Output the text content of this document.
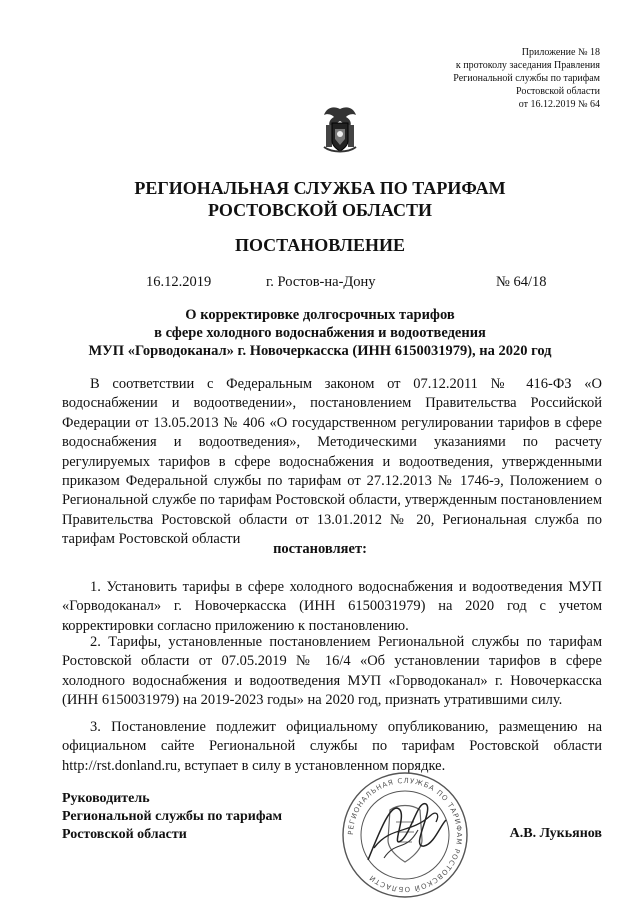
Приложение № 18
к протоколу заседания Правления
Региональной службы по тарифам
Ростовской области
от 16.12.2019 № 64
РЕГИОНАЛЬНАЯ СЛУЖБА ПО ТАРИФАМ
РОСТОВСКОЙ ОБЛАСТИ
ПОСТАНОВЛЕНИЕ
16.12.2019	г. Ростов-на-Дону	№ 64/18
О корректировке долгосрочных тарифов
в сфере холодного водоснабжения и водоотведения
МУП «Горводоканал» г. Новочеркасска (ИНН 6150031979), на 2020 год
В соответствии с Федеральным законом от 07.12.2011 № 416-ФЗ «О водоснабжении и водоотведении», постановлением Правительства Российской Федерации от 13.05.2013 № 406 «О государственном регулировании тарифов в сфере водоснабжения и водоотведения», Методическими указаниями по расчету регулируемых тарифов в сфере водоснабжения и водоотведения, утвержденными приказом Федеральной службы по тарифам от 27.12.2013 № 1746-э, Положением о Региональной службе по тарифам Ростовской области, утвержденным постановлением Правительства Ростовской области от 13.01.2012 № 20, Региональная служба по тарифам Ростовской области
постановляет:
1. Установить тарифы в сфере холодного водоснабжения и водоотведения МУП «Горводоканал» г. Новочеркасска (ИНН 6150031979) на 2020 год с учетом корректировки согласно приложению к постановлению.
2. Тарифы, установленные постановлением Региональной службы по тарифам Ростовской области от 07.05.2019 № 16/4 «Об установлении тарифов в сфере холодного водоснабжения и водоотведения МУП «Горводоканал» г. Новочеркасска (ИНН 6150031979) на 2019-2023 годы» на 2020 год, признать утратившими силу.
3. Постановление подлежит официальному опубликованию, размещению на официальном сайте Региональной службы по тарифам Ростовской области http://rst.donland.ru, вступает в силу в установленном порядке.
Руководитель
Региональной службы по тарифам
Ростовской области	РЕГИОНАЛЬНАЯ СЛУЖБА ПО ТАРИФАМ РОСТОВСКОЙ ОБЛАСТИ
А.В. Лукьянов
